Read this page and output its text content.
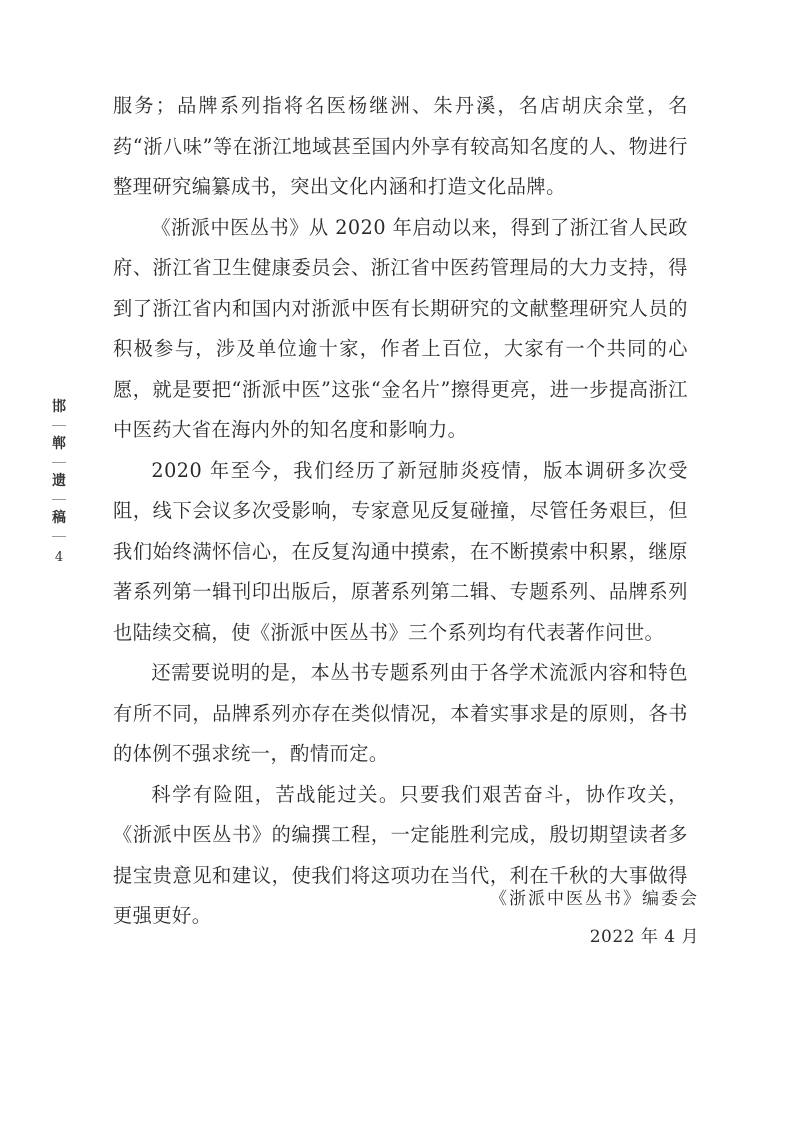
邯
郸
遗
稿
4

服务；品牌系列指将名医杨继洲、朱丹溪，名店胡庆余堂，名药“浙八味”等在浙江地域甚至国内外享有较高知名度的人、物进行整理研究编纂成书，突出文化内涵和打造文化品牌。

《浙派中医丛书》从 2020 年启动以来，得到了浙江省人民政府、浙江省卫生健康委员会、浙江省中医药管理局的大力支持，得到了浙江省内和国内对浙派中医有长期研究的文献整理研究人员的积极参与，涉及单位逾十家，作者上百位，大家有一个共同的心愿，就是要把“浙派中医”这张“金名片”擦得更亮，进一步提高浙江中医药大省在海内外的知名度和影响力。

2020 年至今，我们经历了新冠肺炎疫情，版本调研多次受阻，线下会议多次受影响，专家意见反复碰撞，尽管任务艰巨，但我们始终满怀信心，在反复沟通中摸索，在不断摸索中积累，继原著系列第一辑刊印出版后，原著系列第二辑、专题系列、品牌系列也陆续交稿，使《浙派中医丛书》三个系列均有代表著作问世。

还需要说明的是，本丛书专题系列由于各学术流派内容和特色有所不同，品牌系列亦存在类似情况，本着实事求是的原则，各书的体例不强求统一，酌情而定。

科学有险阻，苦战能过关。只要我们艰苦奋斗，协作攻关，《浙派中医丛书》的编撰工程，一定能胜利完成，殷切期望读者多提宝贵意见和建议，使我们将这项功在当代，利在千秋的大事做得更强更好。

《浙派中医丛书》编委会
2022 年 4 月
